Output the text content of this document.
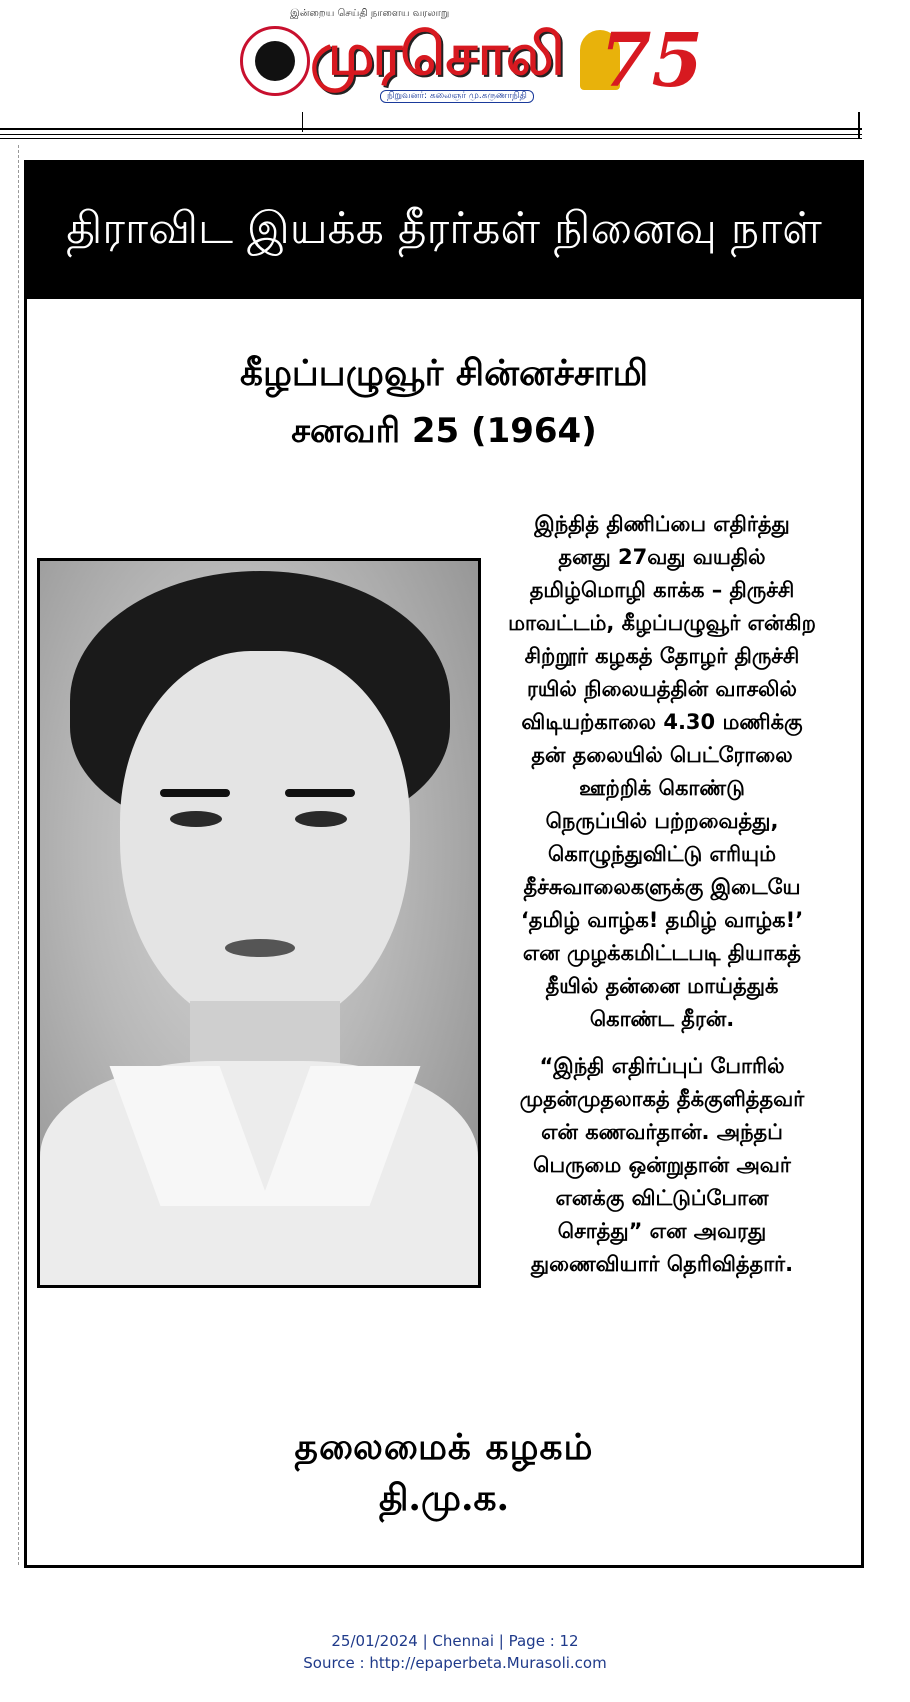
இன்றைய செய்தி நாளைய வரலாறு
முரசொலி
நிறுவனர்: கலைஞர் மு.கருணாநிதி 75
திராவிட இயக்க தீரர்கள் நினைவு நாள்
கீழப்பழுவூர் சின்னச்சாமி
சனவரி 25 (1964)

இந்தித் திணிப்பை எதிர்த்து
தனது 27வது வயதில்
தமிழ்மொழி காக்க – திருச்சி
மாவட்டம், கீழப்பழுவூர் என்கிற
சிற்றூர் கழகத் தோழர் திருச்சி
ரயில் நிலையத்தின் வாசலில்
விடியற்காலை 4.30 மணிக்கு
தன் தலையில் பெட்ரோலை
ஊற்றிக் கொண்டு
நெருப்பில் பற்றவைத்து,
கொழுந்துவிட்டு எரியும்
தீச்சுவாலைகளுக்கு இடையே
‘தமிழ் வாழ்க! தமிழ் வாழ்க!’
என முழக்கமிட்டபடி தியாகத்
தீயில் தன்னை மாய்த்துக்
கொண்ட தீரன்.

“இந்தி எதிர்ப்புப் போரில்
முதன்முதலாகத் தீக்குளித்தவர்
என் கணவர்தான். அந்தப்
பெருமை ஒன்றுதான் அவர்
எனக்கு விட்டுப்போன
சொத்து” என அவரது
துணைவியார் தெரிவித்தார்.

தலைமைக் கழகம்
தி.மு.க.
25/01/2024 | Chennai | Page : 12
Source : http://epaperbeta.Murasoli.com
